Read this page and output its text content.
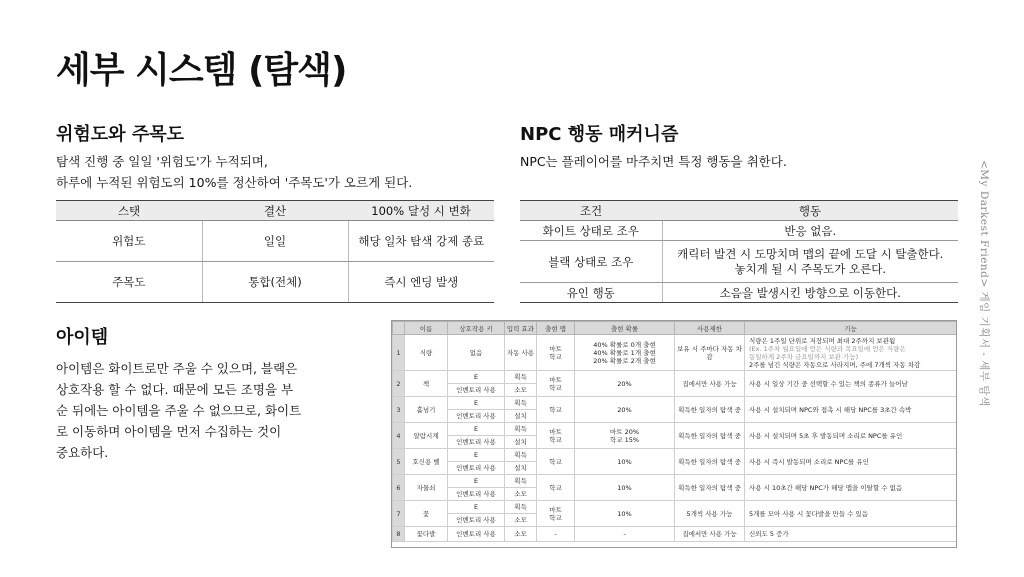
세부 시스템 (탐색)
<My Darkest Friend> 게임 기획서 - 세부 탐색
위험도와 주목도
탐색 진행 중 일일 '위험도'가 누적되며,
하루에 누적된 위험도의 10%를 정산하여 '주목도'가 오르게 된다.
스탯	결산	100% 달성 시 변화
위험도	일일	해당 일차 탐색 강제 종료
주목도	통합(전체)	즉시 엔딩 발생
NPC 행동 매커니즘
NPC는 플레이어를 마주치면 특정 행동을 취한다.
조건	행동
화이트 상태로 조우	반응 없음.
블랙 상태로 조우	캐릭터 발견 시 도망치며 맵의 끝에 도달 시 탈출한다.
놓치게 될 시 주목도가 오른다.

유인 행동	소음을 발생시킨 방향으로 이동한다.
아이템
아이템은 화이트로만 주울 수 있으며, 블랙은
상호작용 할 수 없다. 때문에 모든 조명을 부
순 뒤에는 아이템을 주울 수 없으므로, 화이트
로 이동하며 아이템을 먼저 수집하는 것이
중요하다.
	이름	상호작용 키	입력 효과	출현 맵	출현 확률	사용제한	기능
1	식량	없음	자동 사용	마트
학교	40% 확률로 0개 출현
40% 확률로 1개 출현
20% 확률로 2개 출현	보유 시 주마다 자동 차감	식량은 1주일 단위로 저장되며 최대 2주까지 보관됨
(Ex. 1주차 월요일에 얻은 식량과 목요일에 얻은 식량은
동일하게 2주차 금요일까지 보관 가능)
2주를 넘긴 식량은 자동으로 사라지며, 주에 7개씩 자동 차감

2	책	E	획득	마트
학교	20%	집에서만 사용 가능	사용 시 일상 기간 중 선택할 수 있는 책의 종류가 늘어남
		인벤토리 사용	소모				
3	홀넘기	E	획득	학교	20%	획득한 일자의 탐색 중	사용 시 설치되며 NPC와 접촉 시 해당 NPC를 3초간 속박
		인벤토리 사용	설치				
4	알람시계	E	획득	마트
학교	마트 20%
학교 15%	획득한 일자의 탐색 중	사용 시 설치되며 5초 후 발동되며 소리로 NPC를 유인
		인벤토리 사용	설치				
5	호신용 벨	E	획득	학교	10%	획득한 일자의 탐색 중	사용 시 즉시 발동되며 소리로 NPC를 유인
		인벤토리 사용	설치				
6	자물쇠	E	획득	학교	10%	획득한 일자의 탐색 중	사용 시 10초간 해당 NPC가 해당 맵을 이탈할 수 없음
		인벤토리 사용	소모				
7	꽃	E	획득	마트
학교	10%	5개씩 사용 가능	5개를 모아 사용 시 꽃다발을 만들 수 있음
		인벤토리 사용	소모				
8	꽃다발	인벤토리 사용	소모	-	-	집에서만 사용 가능	신뢰도 5 증가
